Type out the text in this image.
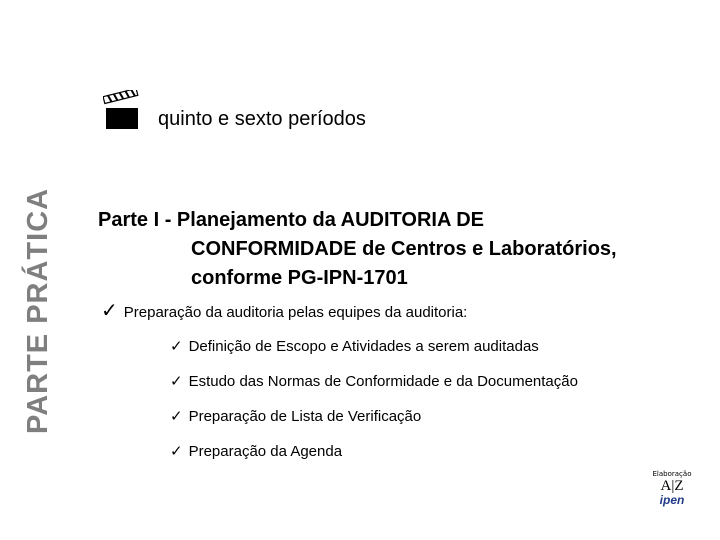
PARTE PRÁTICA
quinto e sexto períodos
Parte I - Planejamento da AUDITORIA DE
CONFORMIDADE de Centros e Laboratórios,
conforme PG-IPN-1701
✓ Preparação da auditoria pelas equipes da auditoria:
✓ Definição de Escopo e Atividades a serem auditadas
✓ Estudo das Normas de Conformidade e da Documentação
✓ Preparação de Lista de Verificação
✓ Preparação da Agenda
Elaboração
A|Z
ipen
